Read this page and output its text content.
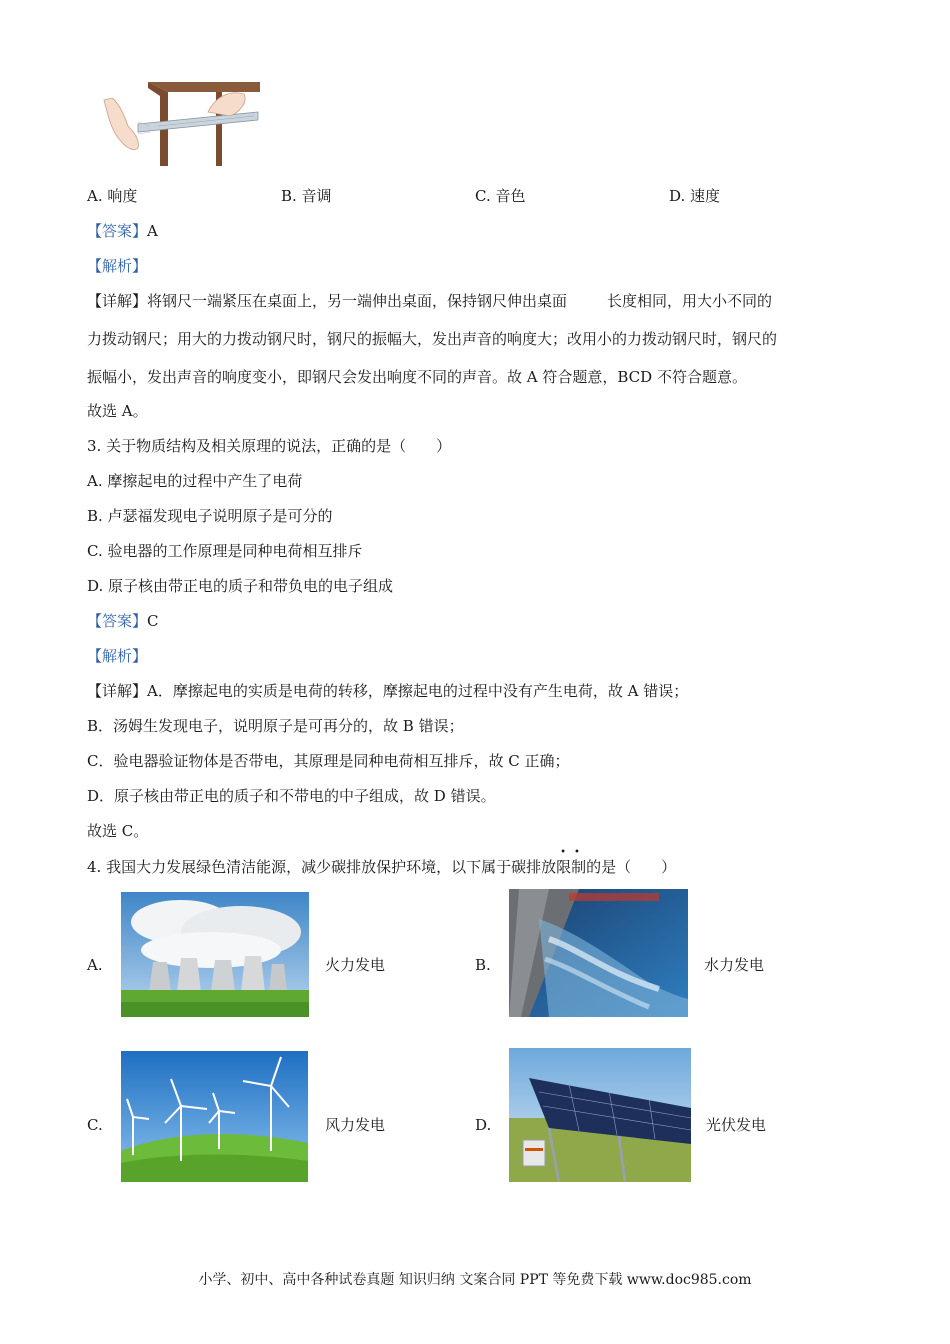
A. 响度	B. 音调	C. 音色	D. 速度
【答案】A
【解析】
【详解】将钢尺一端紧压在桌面上，另一端伸出桌面，保持钢尺伸出桌面	长度相同，用大小不同的
力拨动钢尺；用大的力拨动钢尺时，钢尺的振幅大，发出声音的响度大；改用小的力拨动钢尺时，钢尺的
振幅小，发出声音的响度变小，即钢尺会发出响度不同的声音。故 A 符合题意，BCD 不符合题意。
故选 A。
3. 关于物质结构及相关原理的说法，正确的是（　　）
A. 摩擦起电的过程中产生了电荷
B. 卢瑟福发现电子说明原子是可分的
C. 验电器的工作原理是同种电荷相互排斥
D. 原子核由带正电的质子和带负电的电子组成
【答案】C
【解析】
【详解】A．摩擦起电的实质是电荷的转移，摩擦起电的过程中没有产生电荷，故 A 错误；
B．汤姆生发现电子，说明原子是可再分的，故 B 错误；
C．验电器验证物体是否带电，其原理是同种电荷相互排斥，故 C 正确；
D．原子核由带正电的质子和不带电的中子组成，故 D 错误。
故选 C。
4. 我国大力发展绿色清洁能源，减少碳排放保护环境，以下属于碳排放
••
限制的是（　　）
A.	火力发电	B.	水力发电
C.	风力发电	D.	光伏发电
小学、初中、高中各种试卷真题 知识归纳 文案合同 PPT 等免费下载 www.doc985.com
